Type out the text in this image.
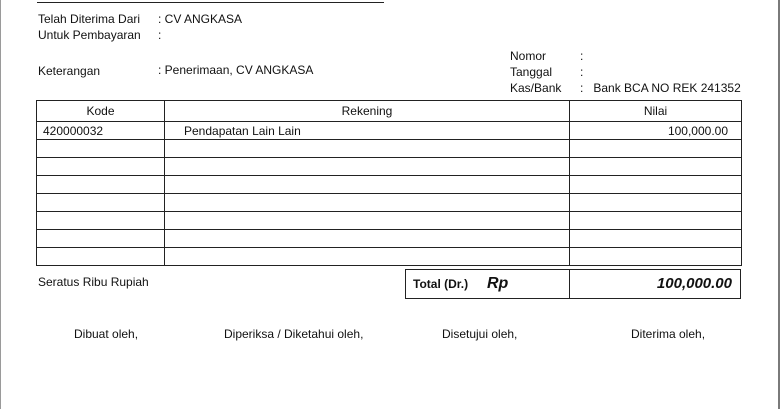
Telah Diterima Dari : CV ANGKASA
Untuk Pembayaran :
Keterangan	: Penerimaan, CV ANGKASA
Nomor	:
Tanggal :
Kas/Bank :   Bank BCA NO REK 241352
Kode	Rekening	Nilai
420000032	Pendapatan Lain Lain	100,000.00

Seratus Ribu Rupiah	Total (Dr.) Rp	100,000.00
Dibuat oleh,	Diperiksa / Diketahui oleh,	Disetujui oleh,	Diterima oleh,
